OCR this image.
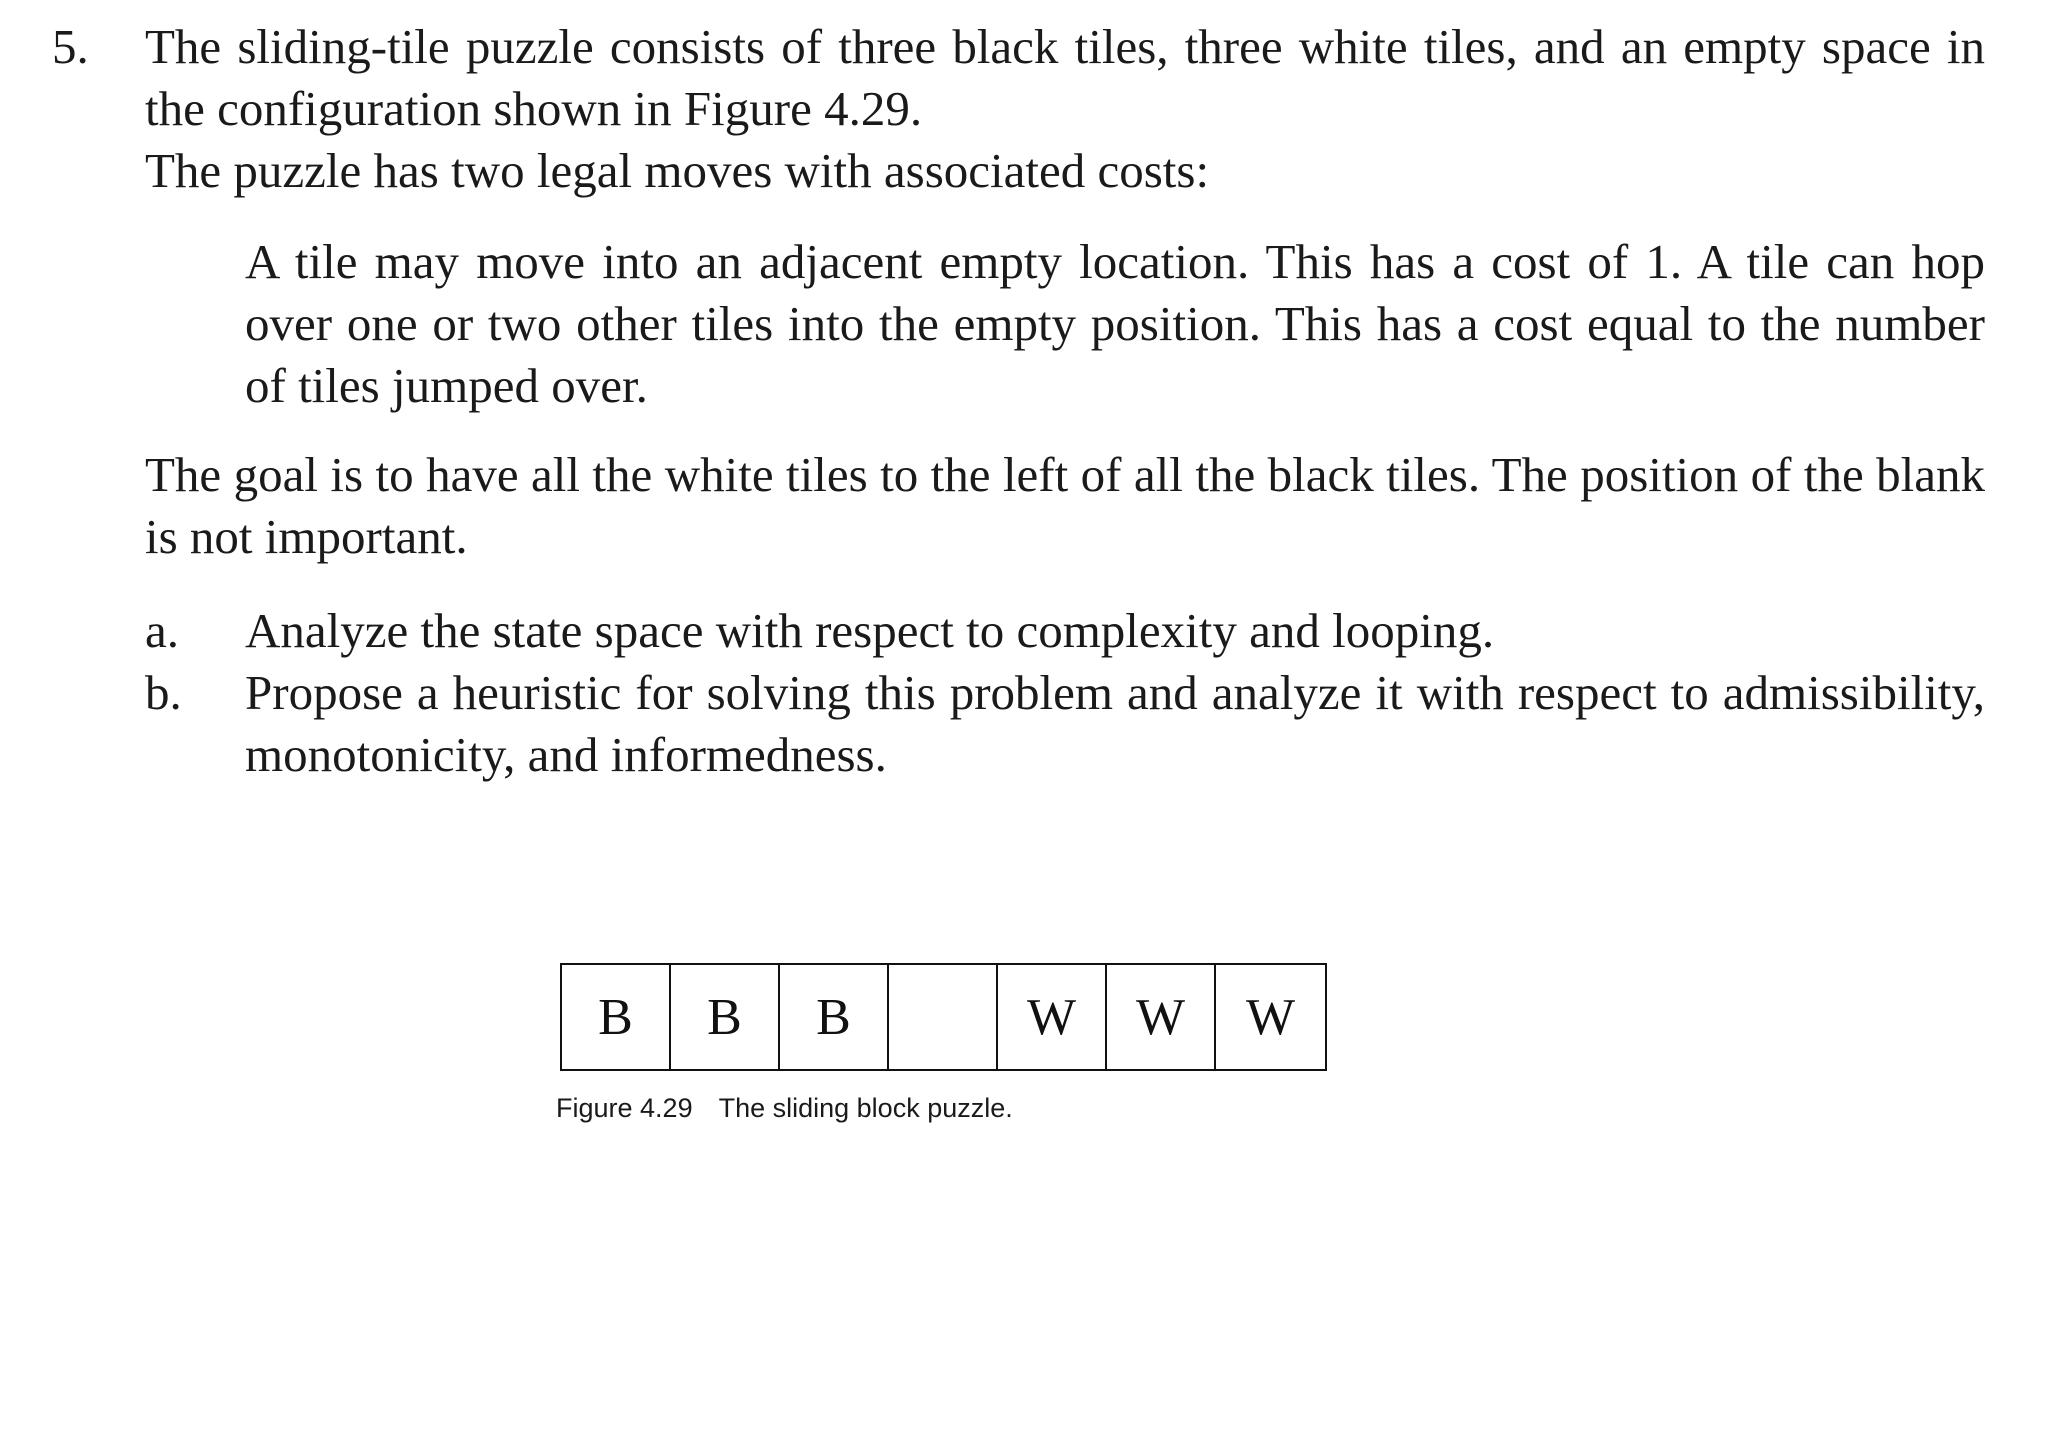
5. The sliding-tile puzzle consists of three black tiles, three white tiles, and an empty space in the configuration shown in Figure 4.29.
The puzzle has two legal moves with associated costs:
A tile may move into an adjacent empty location. This has a cost of 1. A tile can hop over one or two other tiles into the empty position. This has a cost equal to the number of tiles jumped over.
The goal is to have all the white tiles to the left of all the black tiles. The position of the blank is not important.
a. Analyze the state space with respect to complexity and looping.
b. Propose a heuristic for solving this problem and analyze it with respect to admissibility, monotonicity, and informedness.
B	B	B	W	W	W
Figure 4.29 The sliding block puzzle.
